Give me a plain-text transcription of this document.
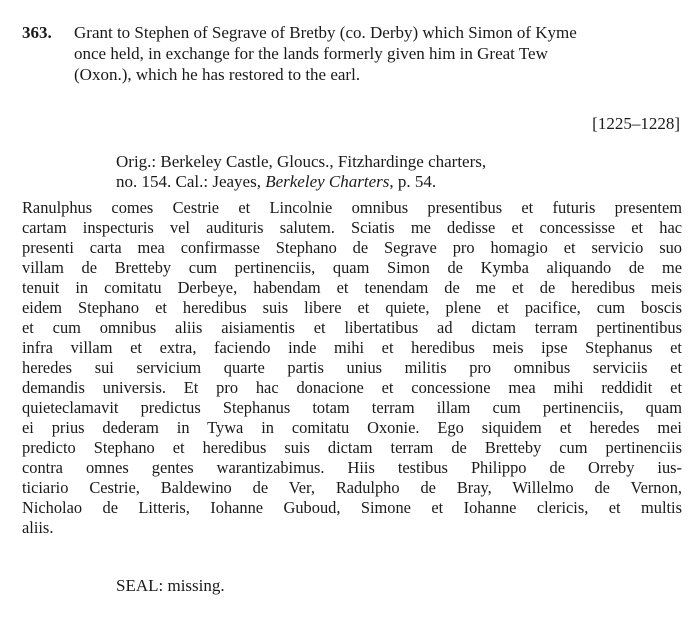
363. Grant to Stephen of Segrave of Bretby (co. Derby) which Simon of Kyme
once held, in exchange for the lands formerly given him in Great Tew
(Oxon.), which he has restored to the earl.
[1225–1228]
Orig.: Berkeley Castle, Gloucs., Fitzhardinge charters,
no. 154. Cal.: Jeayes, Berkeley Charters, p. 54.
Ranulphus comes Cestrie et Lincolnie omnibus presentibus et futuris presentem
cartam inspecturis vel audituris salutem. Sciatis me dedisse et concessisse et hac
presenti carta mea confirmasse Stephano de Segrave pro homagio et servicio suo
villam de Bretteby cum pertinenciis, quam Simon de Kymba aliquando de me
tenuit in comitatu Derbeye, habendam et tenendam de me et de heredibus meis
eidem Stephano et heredibus suis libere et quiete, plene et pacifice, cum boscis
et cum omnibus aliis aisiamentis et libertatibus ad dictam terram pertinentibus
infra villam et extra, faciendo inde mihi et heredibus meis ipse Stephanus et
heredes sui servicium quarte partis unius militis pro omnibus serviciis et
demandis universis. Et pro hac donacione et concessione mea mihi reddidit et
quieteclamavit predictus Stephanus totam terram illam cum pertinenciis, quam
ei prius dederam in Tywa in comitatu Oxonie. Ego siquidem et heredes mei
predicto Stephano et heredibus suis dictam terram de Bretteby cum pertinenciis
contra omnes gentes warantizabimus. Hiis testibus Philippo de Orreby ius-
ticiario Cestrie, Baldewino de Ver, Radulpho de Bray, Willelmo de Vernon,
Nicholao de Litteris, Iohanne Guboud, Simone et Iohanne clericis, et multis
aliis.
SEAL: missing.
